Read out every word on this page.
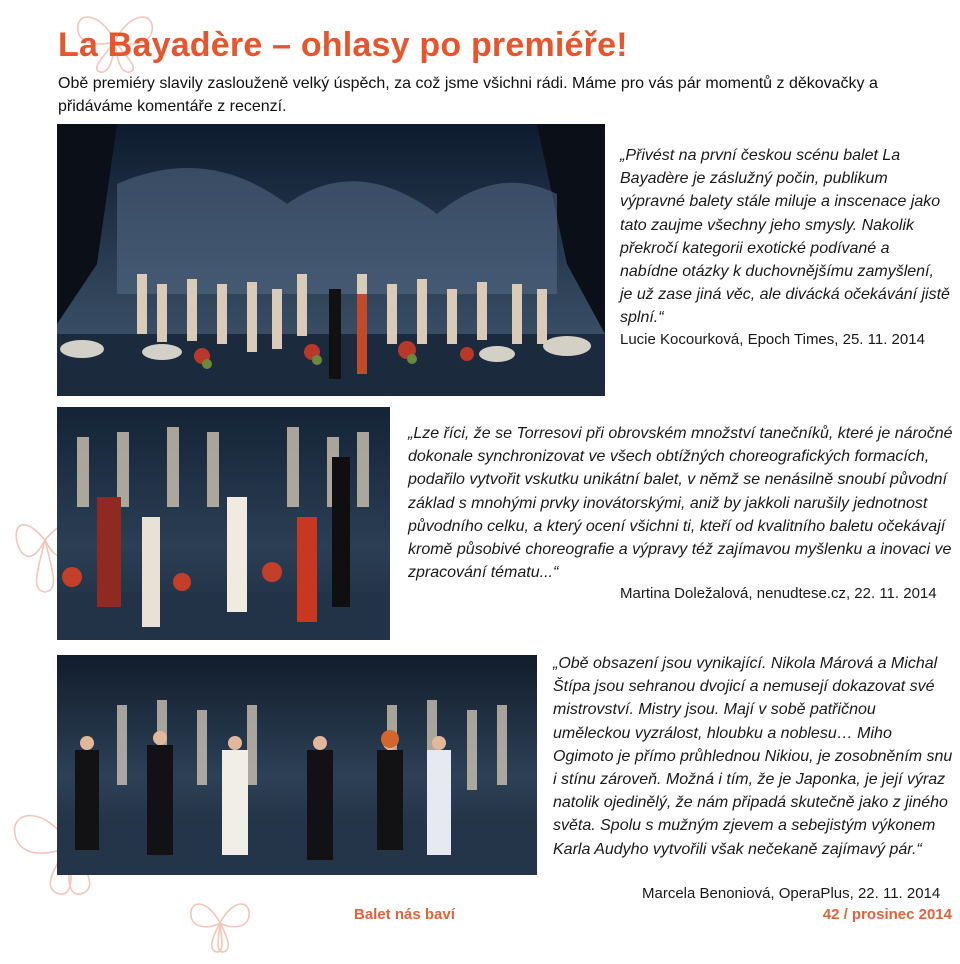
La Bayadère – ohlasy po premiéře!

Obě premiéry slavily zaslouženě velký úspěch, za což jsme všichni rádi. Máme pro vás pár momentů z děkovačky a přidáváme komentáře z recenzí.

„Přivést na první českou scénu balet La Bayadère je záslužný počin, publikum výpravné balety stále miluje a inscenace jako tato zaujme všechny jeho smysly. Nakolik překročí kategorii exotické podívané a nabídne otázky k duchovnějšímu zamyšlení, je už zase jiná věc, ale divácká očekávání jistě splní.“

Lucie Kocourková, Epoch Times, 25. 11. 2014

„Lze říci, že se Torresovi při obrovském množství tanečníků, které je náročné dokonale synchronizovat ve všech obtížných choreografických formacích, podařilo vytvořit vskutku unikátní balet, v němž se nenásilně snoubí původní základ s mnohými prvky inovátorskými, aniž by jakkoli narušily jednotnost původního celku, a který ocení všichni ti, kteří od kvalitního baletu očekávají kromě působivé choreografie a výpravy též zajímavou myšlenku a inovaci ve zpracování tématu...“

Martina Doležalová, nenudtese.cz, 22. 11. 2014

„Obě obsazení jsou vynikající. Nikola Márová a Michal Štípa jsou sehranou dvojicí a nemusejí dokazovat své mistrovství. Mistry jsou. Mají v sobě patřičnou uměleckou vyzrálost, hloubku a noblesu… Miho Ogimoto je přímo průhlednou Nikiou, je zosobněním snu i stínu zároveň. Možná i tím, že je Japonka, je její výraz natolik ojedinělý, že nám připadá skutečně jako z jiného světa. Spolu s mužným zjevem a sebejistým výkonem Karla Audyho vytvořili však nečekaně zajímavý pár.“

Marcela Benoniová, OperaPlus, 22. 11. 2014

Balet nás baví	42 / prosinec 2014
